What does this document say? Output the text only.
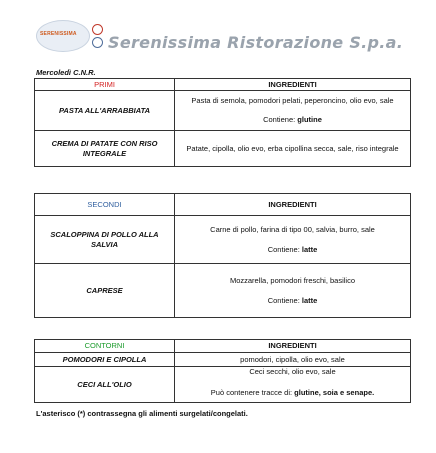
SERENISSIMA Serenissima Ristorazione S.p.a.
Mercoledì C.N.R.
PRIMI	INGREDIENTI
PASTA ALL'ARRABBIATA	Pasta di semola, pomodori pelati, peperoncino, olio evo, sale
Contiene: glutine

CREMA DI PATATE CON RISO INTEGRALE	Patate, cipolla, olio evo, erba cipollina secca, sale, riso integrale
SECONDI	INGREDIENTI
SCALOPPINA DI POLLO ALLA SALVIA	Carne di pollo, farina di tipo 00, salvia, burro, sale
Contiene: latte

CAPRESE	Mozzarella, pomodori freschi, basilico
Contiene: latte
CONTORNI	INGREDIENTI
POMODORI E CIPOLLA	pomodori, cipolla, olio evo, sale
CECI ALL'OLIO	Ceci secchi, olio evo, sale
Può contenere tracce di: glutine, soia e senape.
L'asterisco (*) contrassegna gli alimenti surgelati/congelati.
